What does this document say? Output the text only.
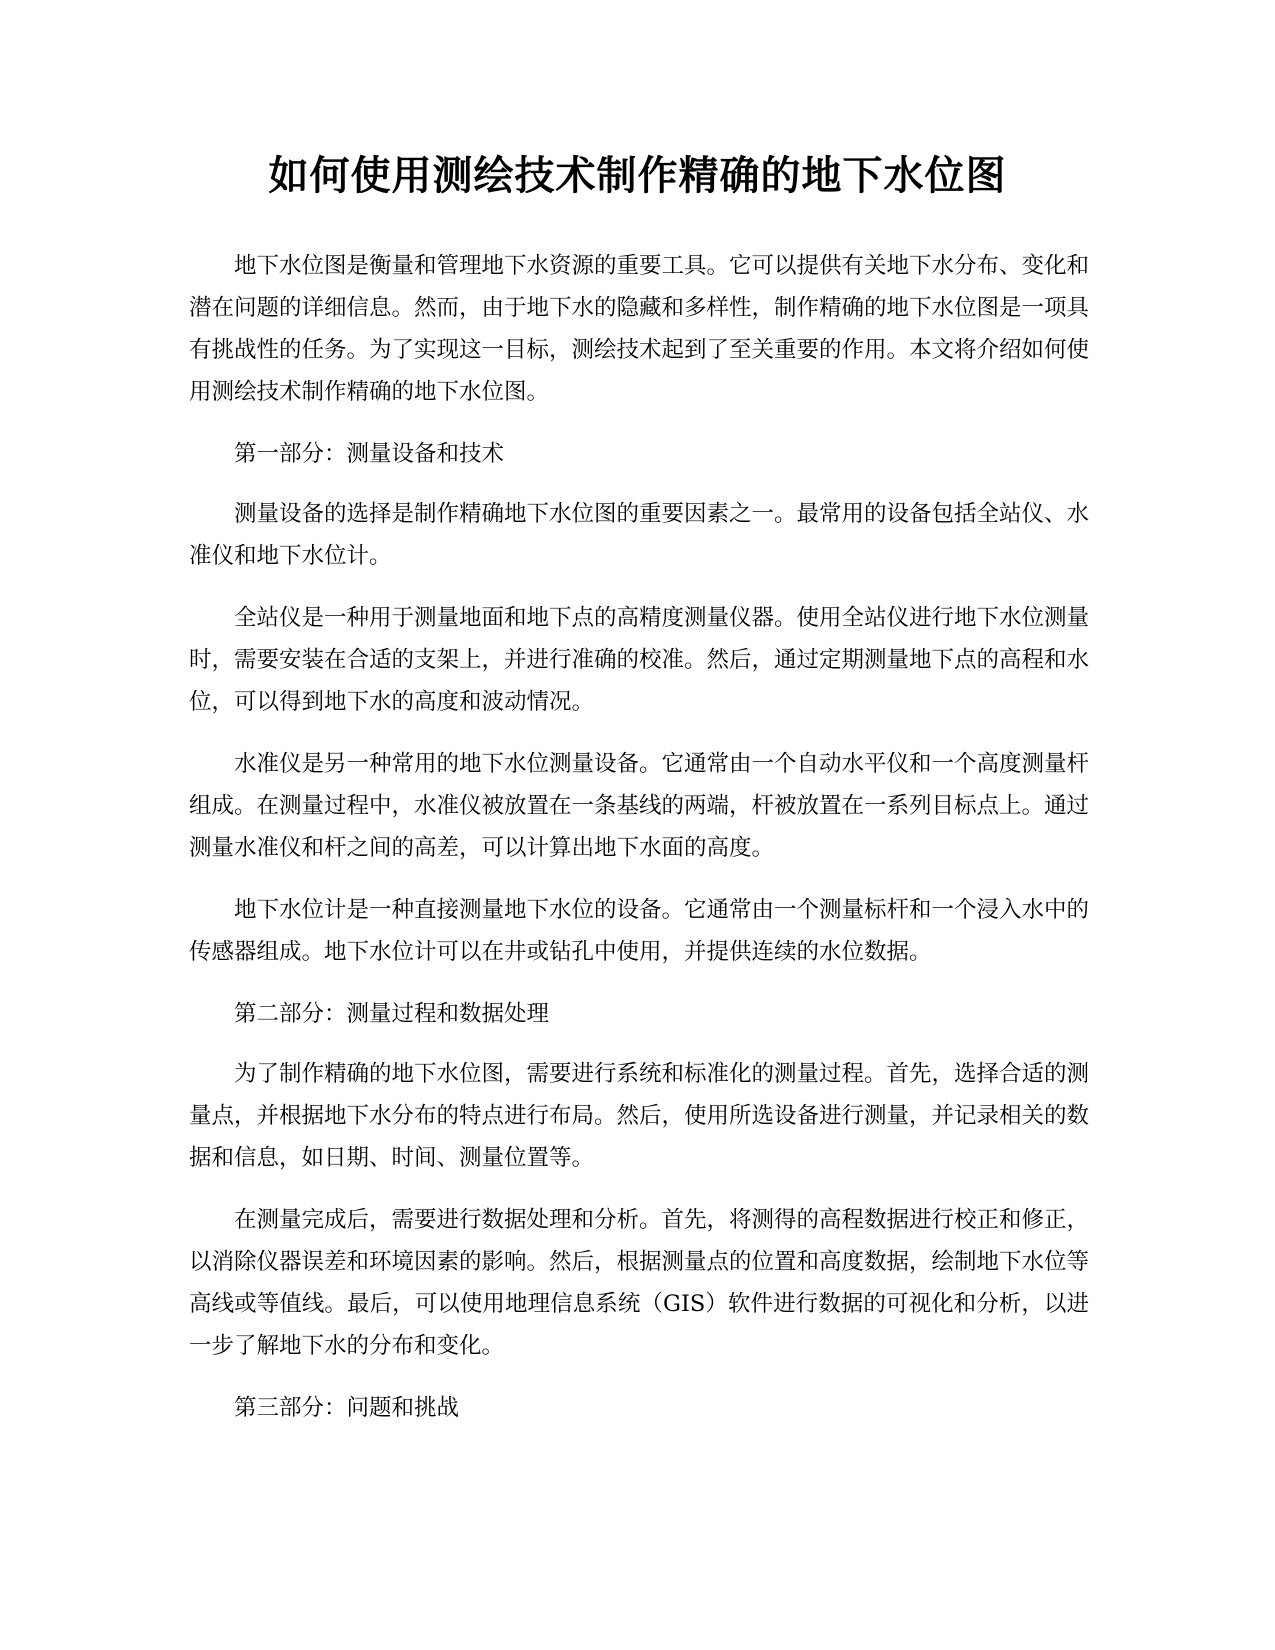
如何使用测绘技术制作精确的地下水位图

地下水位图是衡量和管理地下水资源的重要工具。它可以提供有关地下水分布、变化和潜在问题的详细信息。然而，由于地下水的隐藏和多样性，制作精确的地下水位图是一项具有挑战性的任务。为了实现这一目标，测绘技术起到了至关重要的作用。本文将介绍如何使用测绘技术制作精确的地下水位图。

第一部分：测量设备和技术

测量设备的选择是制作精确地下水位图的重要因素之一。最常用的设备包括全站仪、水准仪和地下水位计。

全站仪是一种用于测量地面和地下点的高精度测量仪器。使用全站仪进行地下水位测量时，需要安装在合适的支架上，并进行准确的校准。然后，通过定期测量地下点的高程和水位，可以得到地下水的高度和波动情况。

水准仪是另一种常用的地下水位测量设备。它通常由一个自动水平仪和一个高度测量杆组成。在测量过程中，水准仪被放置在一条基线的两端，杆被放置在一系列目标点上。通过测量水准仪和杆之间的高差，可以计算出地下水面的高度。

地下水位计是一种直接测量地下水位的设备。它通常由一个测量标杆和一个浸入水中的传感器组成。地下水位计可以在井或钻孔中使用，并提供连续的水位数据。

第二部分：测量过程和数据处理

为了制作精确的地下水位图，需要进行系统和标准化的测量过程。首先，选择合适的测量点，并根据地下水分布的特点进行布局。然后，使用所选设备进行测量，并记录相关的数据和信息，如日期、时间、测量位置等。

在测量完成后，需要进行数据处理和分析。首先，将测得的高程数据进行校正和修正，以消除仪器误差和环境因素的影响。然后，根据测量点的位置和高度数据，绘制地下水位等高线或等值线。最后，可以使用地理信息系统（GIS）软件进行数据的可视化和分析，以进一步了解地下水的分布和变化。

第三部分：问题和挑战
